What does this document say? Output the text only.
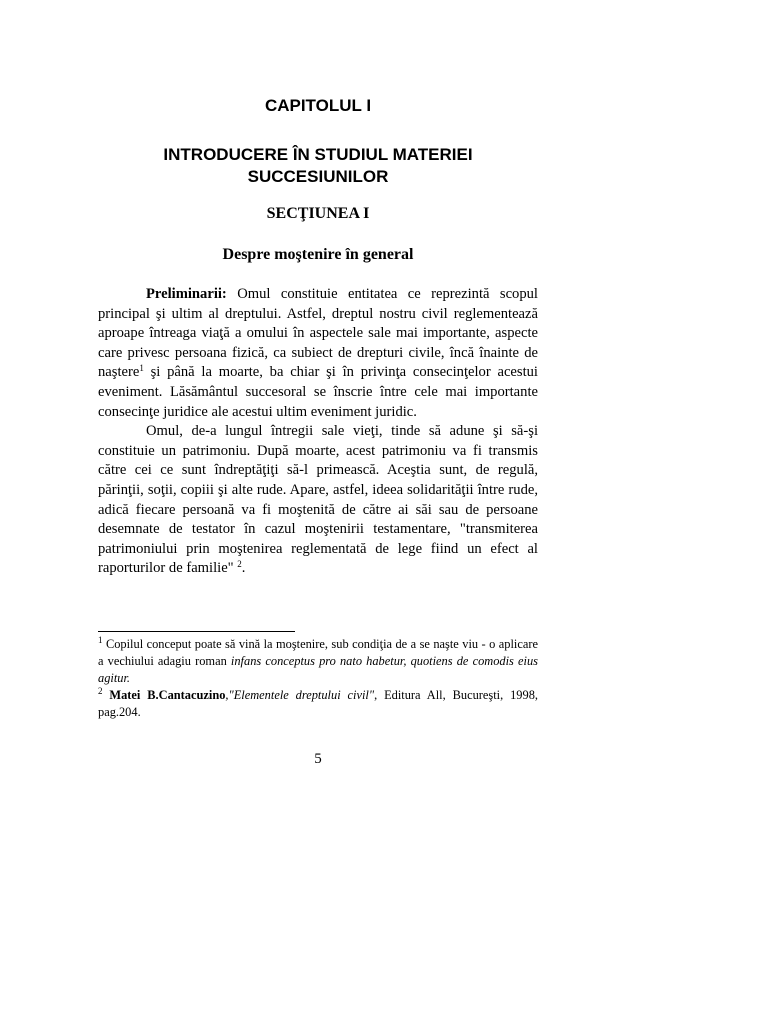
CAPITOLUL I
INTRODUCERE ÎN STUDIUL MATERIEI
SUCCESIUNILOR
SECŢIUNEA I
Despre moştenire în general

Preliminarii: Omul constituie entitatea ce reprezintă scopul principal şi ultim al dreptului. Astfel, dreptul nostru civil reglementează aproape întreaga viaţă a omului în aspectele sale mai importante, aspecte care privesc persoana fizică, ca subiect de drepturi civile, încă înainte de naştere$^1$ şi până la moarte, ba chiar şi în privinţa consecinţelor acestui eveniment. Lăsământul succesoral se înscrie între cele mai importante consecinţe juridice ale acestui ultim eveniment juridic.

Omul, de-a lungul întregii sale vieţi, tinde să adune şi să-şi constituie un patrimoniu. După moarte, acest patrimoniu va fi transmis către cei ce sunt îndreptăţiţi să-l primească. Aceştia sunt, de regulă, părinţii, soţii, copiii şi alte rude. Apare, astfel, ideea solidarităţii între rude, adică fiecare persoană va fi moştenită de către ai săi sau de persoane desemnate de testator în cazul moştenirii testamentare, "transmiterea patrimoniului prin moştenirea reglementată de lege fiind un efect al raporturilor de familie" $^2$.

$^1$ Copilul conceput poate să vină la moştenire, sub condiţia de a se naşte viu - o aplicare a vechiului adagiu roman infans conceptus pro nato habetur, quotiens de comodis eius agitur.

$^2$ Matei B.Cantacuzino,"Elementele dreptului civil", Editura All, Bucureşti, 1998, pag.204.

5
